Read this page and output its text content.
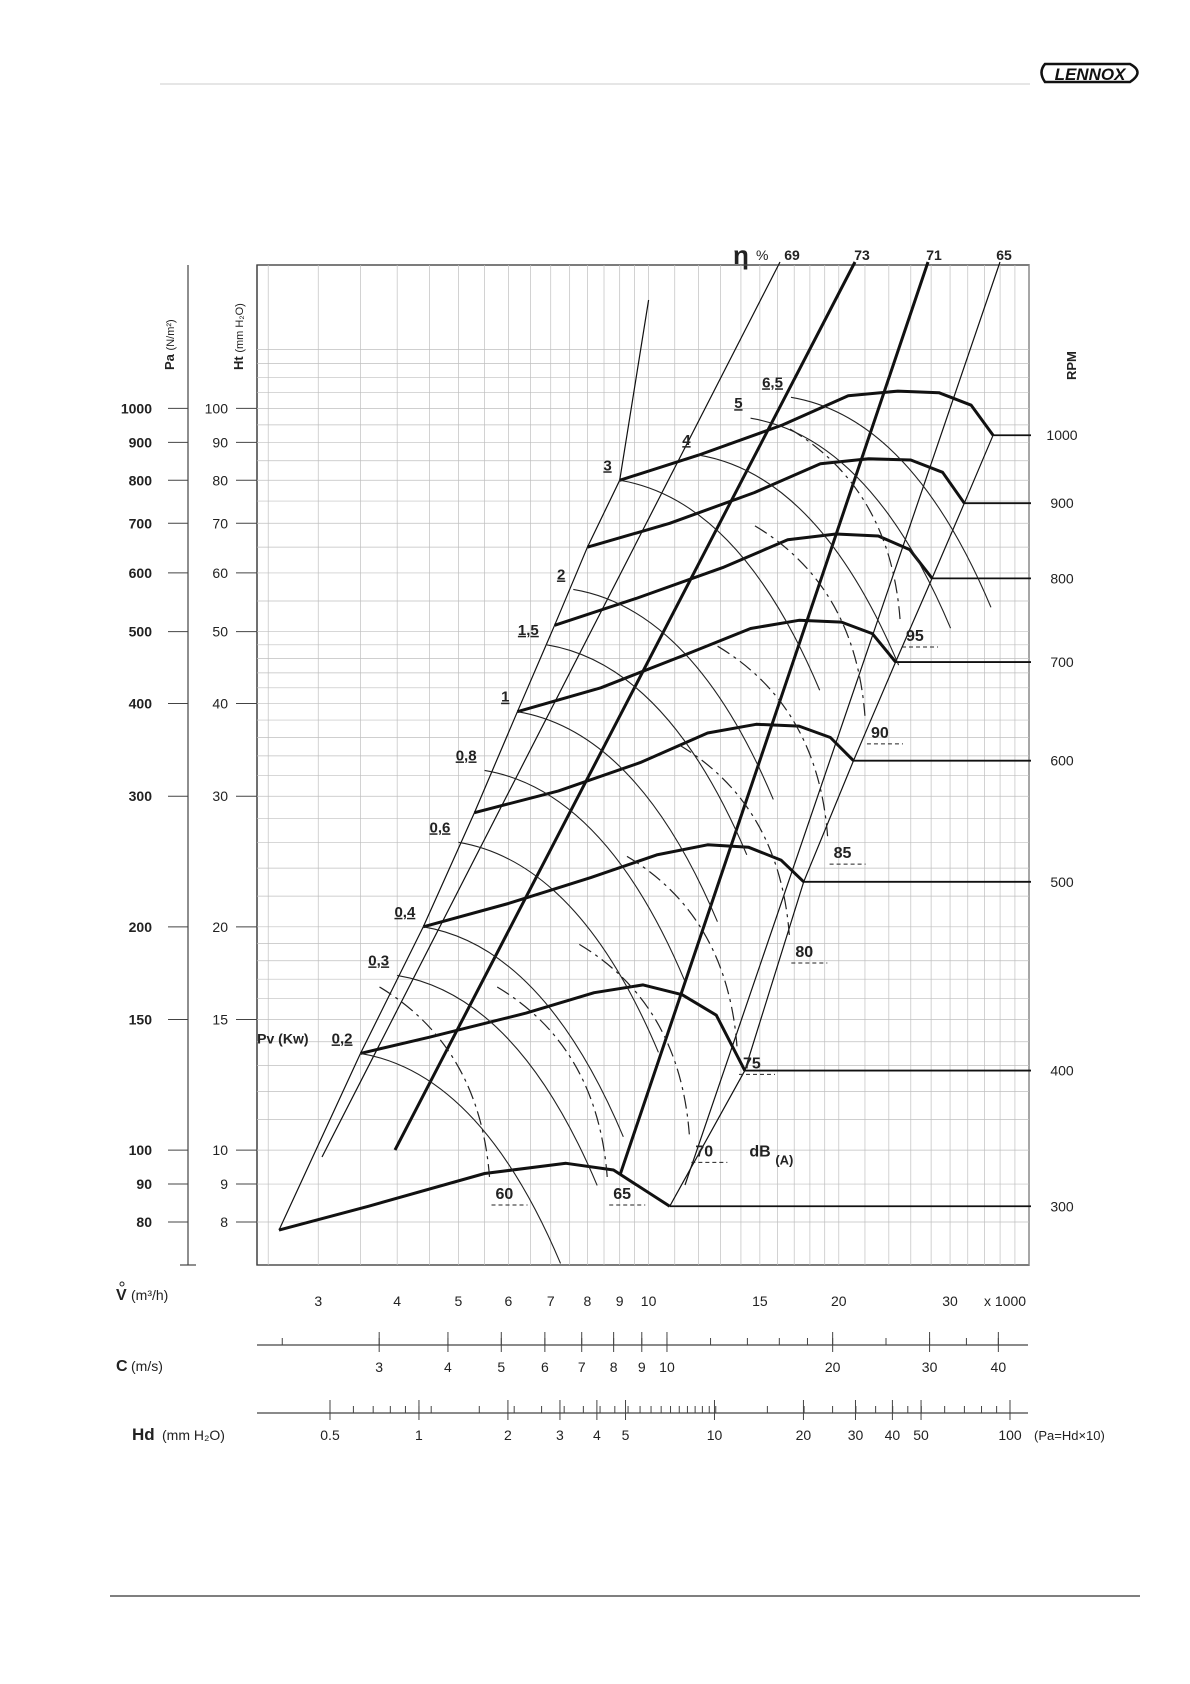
LENNOX
Pa (N/m²)
Ht (mm H₂O)
RPM
η %
1000	100
900	90
800	80
700	70
600	60
500	50
400	40
300	30
200	20
150	15
100	10
90	9
80	8
1000
900
800
700
600
500
400
300
69	73	71	65
0,2
0,3
0,4
0,6
0,8
1
1,5
2
3
4
5
6,5
Pv (Kw)
60	65
70
75
80
85
90
95
dB (A)
V (m³/h)	x 1000
3	4	5	6 7 8 9 10	15	20	30
C (m/s)	3	4	5	6 7 8 9 10	20	30	40
Hd (mm H₂O)	0.5	1	2	3 4 5	10	20	30 40 50	100 (Pa=Hd×10)
